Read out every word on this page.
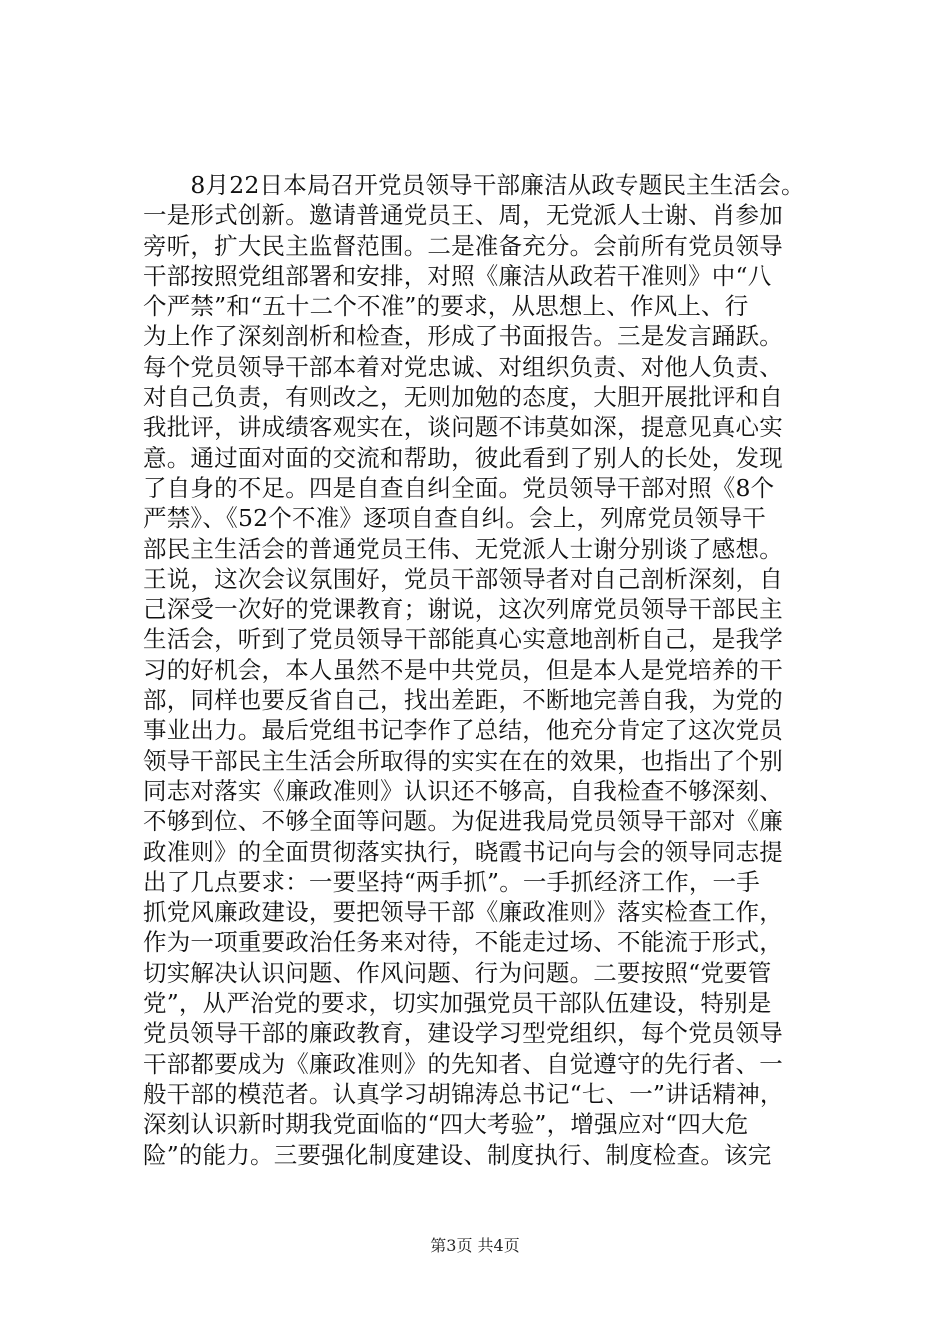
　　8月22日本局召开党员领导干部廉洁从政专题民主生活会。
一是形式创新。邀请普通党员王、周，无党派人士谢、肖参加
旁听，扩大民主监督范围。二是准备充分。会前所有党员领导
干部按照党组部署和安排，对照《廉洁从政若干准则》中“八
个严禁”和“五十二个不准”的要求，从思想上、作风上、行
为上作了深刻剖析和检查，形成了书面报告。三是发言踊跃。
每个党员领导干部本着对党忠诚、对组织负责、对他人负责、
对自己负责，有则改之，无则加勉的态度，大胆开展批评和自
我批评，讲成绩客观实在，谈问题不讳莫如深，提意见真心实
意。通过面对面的交流和帮助，彼此看到了别人的长处，发现
了自身的不足。四是自查自纠全面。党员领导干部对照《8个
严禁》、《52个不准》逐项自查自纠。会上，列席党员领导干
部民主生活会的普通党员王伟、无党派人士谢分别谈了感想。
王说，这次会议氛围好，党员干部领导者对自己剖析深刻，自
己深受一次好的党课教育；谢说，这次列席党员领导干部民主
生活会，听到了党员领导干部能真心实意地剖析自己，是我学
习的好机会，本人虽然不是中共党员，但是本人是党培养的干
部，同样也要反省自己，找出差距，不断地完善自我，为党的
事业出力。最后党组书记李作了总结，他充分肯定了这次党员
领导干部民主生活会所取得的实实在在的效果，也指出了个别
同志对落实《廉政准则》认识还不够高，自我检查不够深刻、
不够到位、不够全面等问题。为促进我局党员领导干部对《廉
政准则》的全面贯彻落实执行，晓霞书记向与会的领导同志提
出了几点要求：一要坚持“两手抓”。一手抓经济工作，一手
抓党风廉政建设，要把领导干部《廉政准则》落实检查工作，
作为一项重要政治任务来对待，不能走过场、不能流于形式，
切实解决认识问题、作风问题、行为问题。二要按照“党要管
党”，从严治党的要求，切实加强党员干部队伍建设，特别是
党员领导干部的廉政教育，建设学习型党组织，每个党员领导
干部都要成为《廉政准则》的先知者、自觉遵守的先行者、一
般干部的模范者。认真学习胡锦涛总书记“七、一”讲话精神，
深刻认识新时期我党面临的“四大考验”，增强应对“四大危
险”的能力。三要强化制度建设、制度执行、制度检查。该完
第3页 共4页
